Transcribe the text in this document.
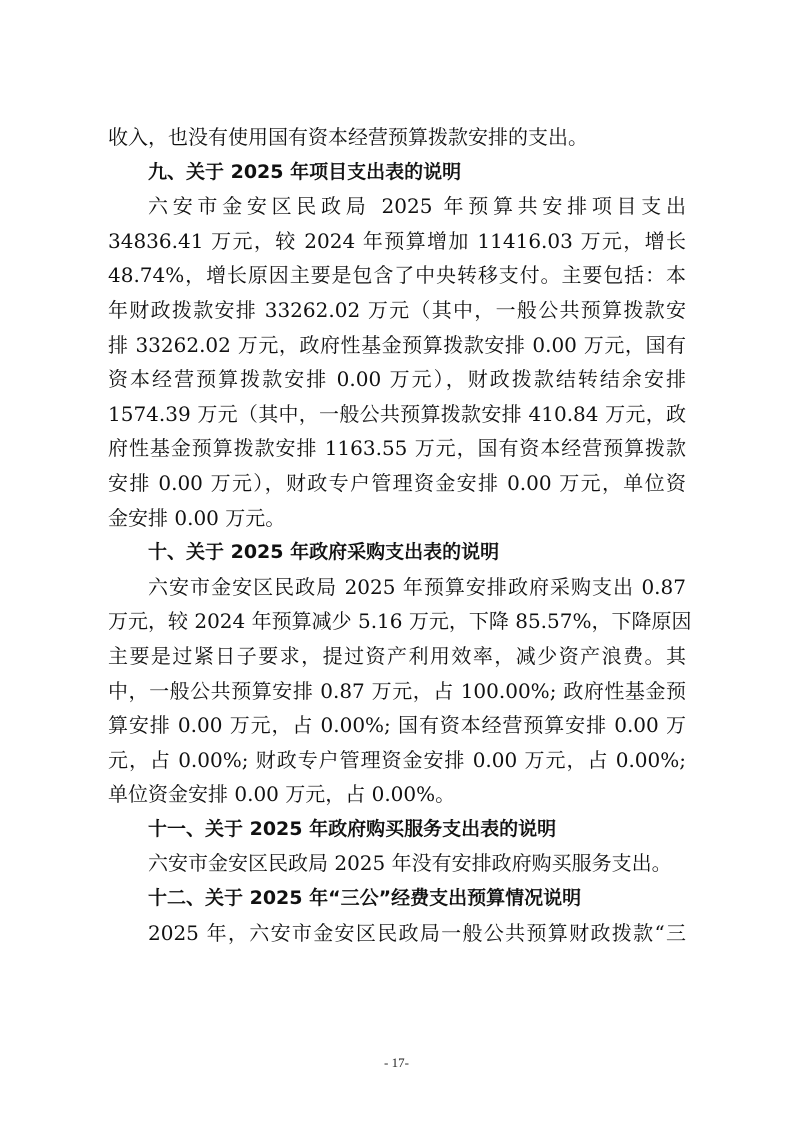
收入，也没有使用国有资本经营预算拨款安排的支出。
九、关于 2025 年项目支出表的说明
六安市金安区民政局 2025 年预算共安排项目支出
34836.41 万元，较 2024 年预算增加 11416.03 万元，增长
48.74%，增长原因主要是包含了中央转移支付。主要包括：本
年财政拨款安排 33262.02 万元（其中，一般公共预算拨款安
排 33262.02 万元，政府性基金预算拨款安排 0.00 万元，国有
资本经营预算拨款安排 0.00 万元），财政拨款结转结余安排
1574.39 万元（其中，一般公共预算拨款安排 410.84 万元，政
府性基金预算拨款安排 1163.55 万元，国有资本经营预算拨款
安排 0.00 万元），财政专户管理资金安排 0.00 万元，单位资
金安排 0.00 万元。
十、关于 2025 年政府采购支出表的说明
六安市金安区民政局 2025 年预算安排政府采购支出 0.87
万元，较 2024 年预算减少 5.16 万元，下降 85.57%，下降原因
主要是过紧日子要求，提过资产利用效率，减少资产浪费。其
中，一般公共预算安排 0.87 万元，占 100.00%; 政府性基金预
算安排 0.00 万元，占 0.00%; 国有资本经营预算安排 0.00 万
元，占 0.00%; 财政专户管理资金安排 0.00 万元，占 0.00%;
单位资金安排 0.00 万元，占 0.00%。
十一、关于 2025 年政府购买服务支出表的说明
六安市金安区民政局 2025 年没有安排政府购买服务支出。
十二、关于 2025 年“三公”经费支出预算情况说明
2025 年，六安市金安区民政局一般公共预算财政拨款“三
- 17-
